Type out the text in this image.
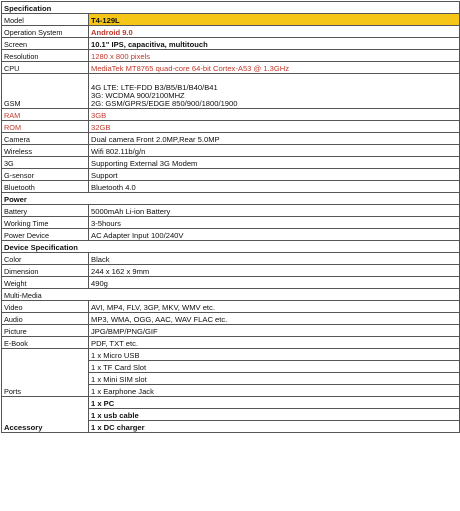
Specification	
Model	T4-129L
Operation System	Android 9.0
Screen	10.1" IPS, capacitiva, multitouch
Resolution	1280 x 800 pixels
CPU	MediaTek MT8765 quad-core 64-bit Cortex-A53 @ 1.3GHz
GSM	4G LTE: LTE-FDD B3/B5/B1/B40/B41
3G: WCDMA 900/2100MHZ
2G: GSM/GPRS/EDGE 850/900/1800/1900

RAM	3GB
ROM	32GB
Camera	Dual camera Front 2.0MP,Rear 5.0MP
Wireless	Wifi 802.11b/g/n
3G	Supporting External 3G Modem
G-sensor	Support
Bluetooth	Bluetooth 4.0
Power	
Battery	5000mAh Li-ion Battery
Working Time	3-5hours
Power Device	AC Adapter Input 100/240V
Device Specification	
Color	Black
Dimension	244 x 162 x 9mm
Weight	490g
Multi-Media	
Video	AVI, MP4, FLV, 3GP, MKV, WMV etc.
Audio	MP3, WMA, OGG, AAC, WAV FLAC etc.
Picture	JPG/BMP/PNG/GIF
E-Book	PDF, TXT etc.
Ports	1 x Micro USB
	1 x TF Card Slot
	1 x Mini SIM slot
	1 x Earphone Jack
Accessory	1 x PC
	1 x usb cable
	1 x DC charger
